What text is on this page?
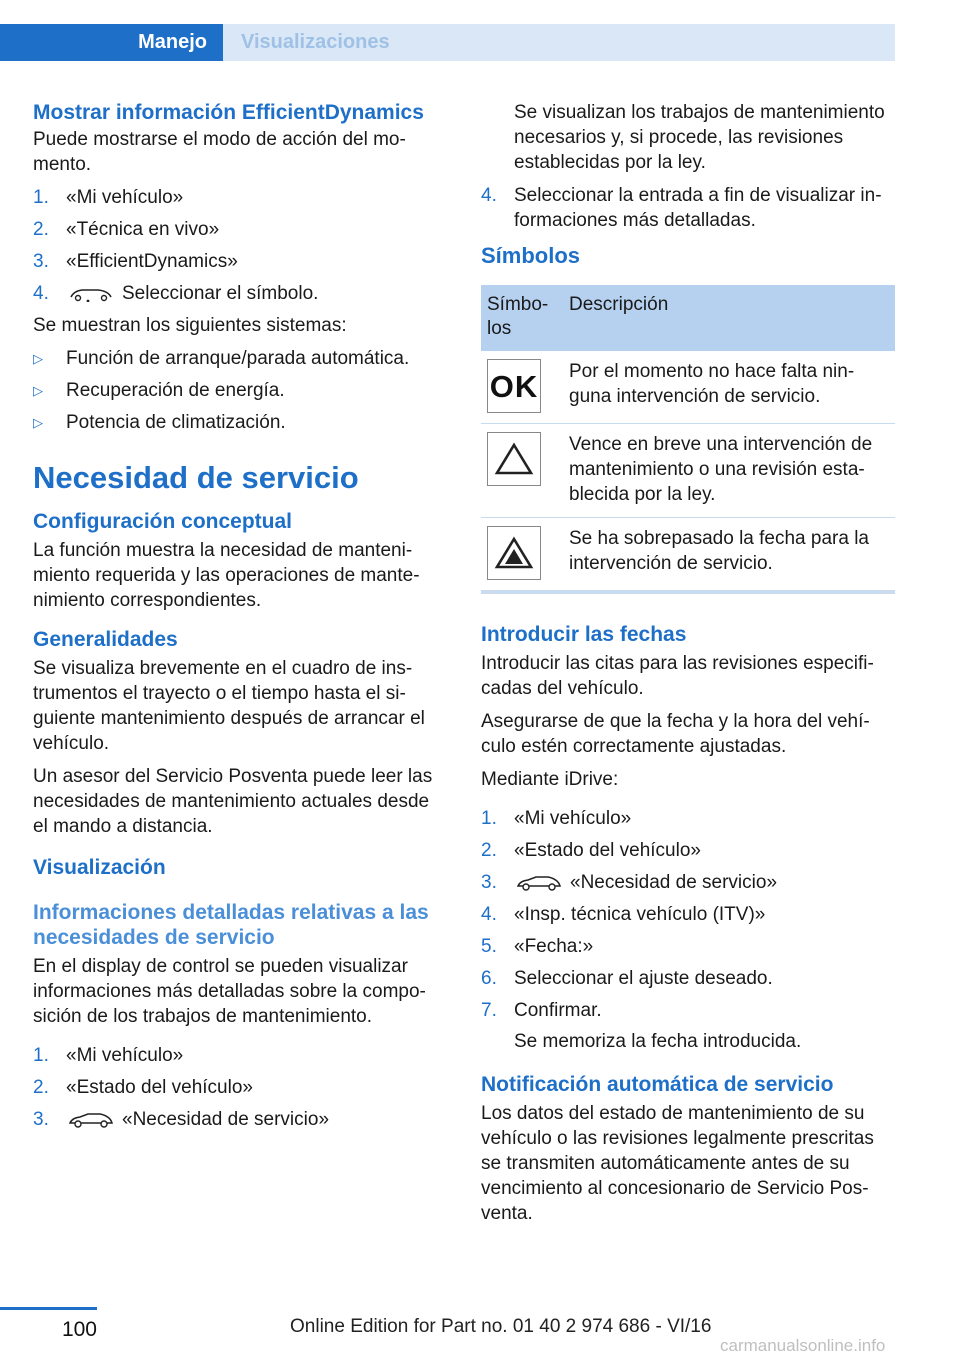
Manejo	Visualizaciones
Mostrar información EfficientDynamics

Puede mostrarse el modo de acción del momento.

1. «Mi vehículo»
2. «Técnica en vivo»
3. «EfficientDynamics»
4.	Seleccionar el símbolo.

Se muestran los siguientes sistemas:

▷ Función de arranque/parada automática.
▷ Recuperación de energía.
▷ Potencia de climatización.
Necesidad de servicio
Configuración conceptual

La función muestra la necesidad de mantenimiento requerida y las operaciones de mantenimiento correspondientes.

Generalidades

Se visualiza brevemente en el cuadro de instrumentos el trayecto o el tiempo hasta el siguiente mantenimiento después de arrancar el vehículo.

Un asesor del Servicio Posventa puede leer las necesidades de mantenimiento actuales desde el mando a distancia.

Visualización
Informaciones detalladas relativas a las necesidades de servicio

En el display de control se pueden visualizar informaciones más detalladas sobre la composición de los trabajos de mantenimiento.

1. «Mi vehículo»
2. «Estado del vehículo»
3.	«Necesidad de servicio»

Se visualizan los trabajos de mantenimiento necesarios y, si procede, las revisiones establecidas por la ley.

4. Seleccionar la entrada a fin de visualizar informaciones más detalladas.
Símbolos
Símbolos	Descripción

OK	Por el momento no hace falta ninguna intervención de servicio.

	Vence en breve una intervención de mantenimiento o una revisión establecida por la ley.

	Se ha sobrepasado la fecha para la intervención de servicio.
Introducir las fechas

Introducir las citas para las revisiones especificadas del vehículo.

Asegurarse de que la fecha y la hora del vehículo estén correctamente ajustadas.

Mediante iDrive:

1. «Mi vehículo»
2. «Estado del vehículo»
3.	«Necesidad de servicio»
4. «Insp. técnica vehículo (ITV)»
5. «Fecha:»
6. Seleccionar el ajuste deseado.
7. Confirmar.
Se memoriza la fecha introducida.
Notificación automática de servicio

Los datos del estado de mantenimiento de su vehículo o las revisiones legalmente prescritas se transmiten automáticamente antes de su vencimiento al concesionario de Servicio Posventa.

100	Online Edition for Part no. 01 40 2 974 686 - VI/16
carmanualsonline.info
